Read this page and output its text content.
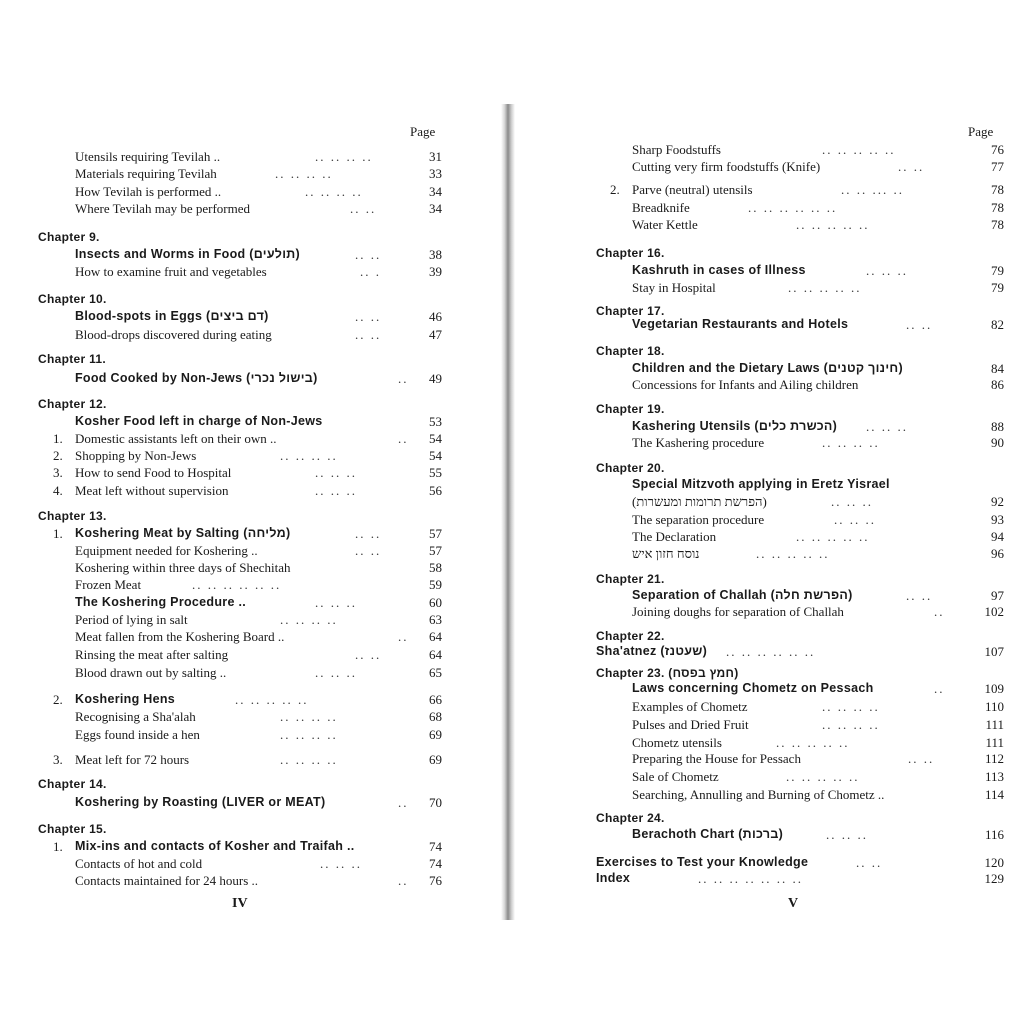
Page
Utensils requiring Tevilah ..	.. .. .. ..	31
Materials requiring Tevilah	.. .. .. ..	33
How Tevilah is performed ..	.. .. .. ..	34
Where Tevilah may be performed	.. ..	34
Chapter 9.
Insects and Worms in Food (תולעים)	.. ..	38
How to examine fruit and vegetables	.. .	39
Chapter 10.
Blood-spots in Eggs (דם ביצים)	.. ..	46
Blood-drops discovered during eating	.. ..	47
Chapter 11.
Food Cooked by Non-Jews (בישול נכרי)	..	49
Chapter 12.
Kosher Food left in charge of Non-Jews	53
1. Domestic assistants left on their own ..	..	54
2. Shopping by Non-Jews	.. .. .. ..	54
3. How to send Food to Hospital	.. .. ..	55
4. Meat left without supervision	.. .. ..	56
Chapter 13.
1. Koshering Meat by Salting (מליחה)	.. ..	57
Equipment needed for Koshering ..	.. ..	57
Koshering within three days of Shechitah	58
Frozen Meat	.. .. .. .. .. ..	59
The Koshering Procedure ..	.. .. ..	60
Period of lying in salt	.. .. .. ..	63
Meat fallen from the Koshering Board ..	..	64
Rinsing the meat after salting	.. ..	64
Blood drawn out by salting ..	.. .. ..	65
2. Koshering Hens	.. .. .. .. ..	66
Recognising a Sha'alah	.. .. .. ..	68
Eggs found inside a hen	.. .. .. ..	69
3. Meat left for 72 hours	.. .. .. ..	69
Chapter 14.
Koshering by Roasting (LIVER or MEAT)	..	70
Chapter 15.
1. Mix-ins and contacts of Kosher and Traifah ..	74
Contacts of hot and cold	.. .. ..	74
Contacts maintained for 24 hours ..	..	76
IV
Page
Sharp Foodstuffs	.. .. .. .. ..	76
Cutting very firm foodstuffs (Knife)	.. ..	77
2. Parve (neutral) utensils	.. .. ... ..	78
Breadknife	.. .. .. .. .. ..	78
Water Kettle	.. .. .. .. ..	78
Chapter 16.
Kashruth in cases of Illness	.. .. ..	79
Stay in Hospital	.. .. .. .. ..	79
Chapter 17.
Vegetarian Restaurants and Hotels	.. ..	82
Chapter 18.
Children and the Dietary Laws (חינוך קטנים)	84
Concessions for Infants and Ailing children	86
Chapter 19.
Kashering Utensils (הכשרת כלים) .. .. ..	88
The Kashering procedure	.. .. .. ..	90
Chapter 20.
Special Mitzvoth applying in Eretz Yisrael
(הפרשת תרומות ומעשרות)	.. .. ..	92
The separation procedure	.. .. ..	93
The Declaration	.. .. .. .. ..	94
נוסח חזון איש	.. .. .. .. ..	96
Chapter 21.
Separation of Challah (הפרשת חלה)	.. ..	97
Joining doughs for separation of Challah	..	102
Chapter 22.
Sha'atnez (שעטנז) .. .. .. .. .. ..	107
Chapter 23. (חמץ בפסח)
Laws concerning Chometz on Pessach	..	109
Examples of Chometz	.. .. .. ..	110
Pulses and Dried Fruit	.. .. .. ..	111
Chometz utensils	.. .. .. .. ..	111
Preparing the House for Pessach	.. ..	112
Sale of Chometz	.. .. .. .. ..	113
Searching, Annulling and Burning of Chometz ..	114
Chapter 24.
Berachoth Chart (ברכות)	.. .. ..	116
Exercises to Test your Knowledge	.. ..	120
Index	.. .. .. .. .. .. ..	129
V
